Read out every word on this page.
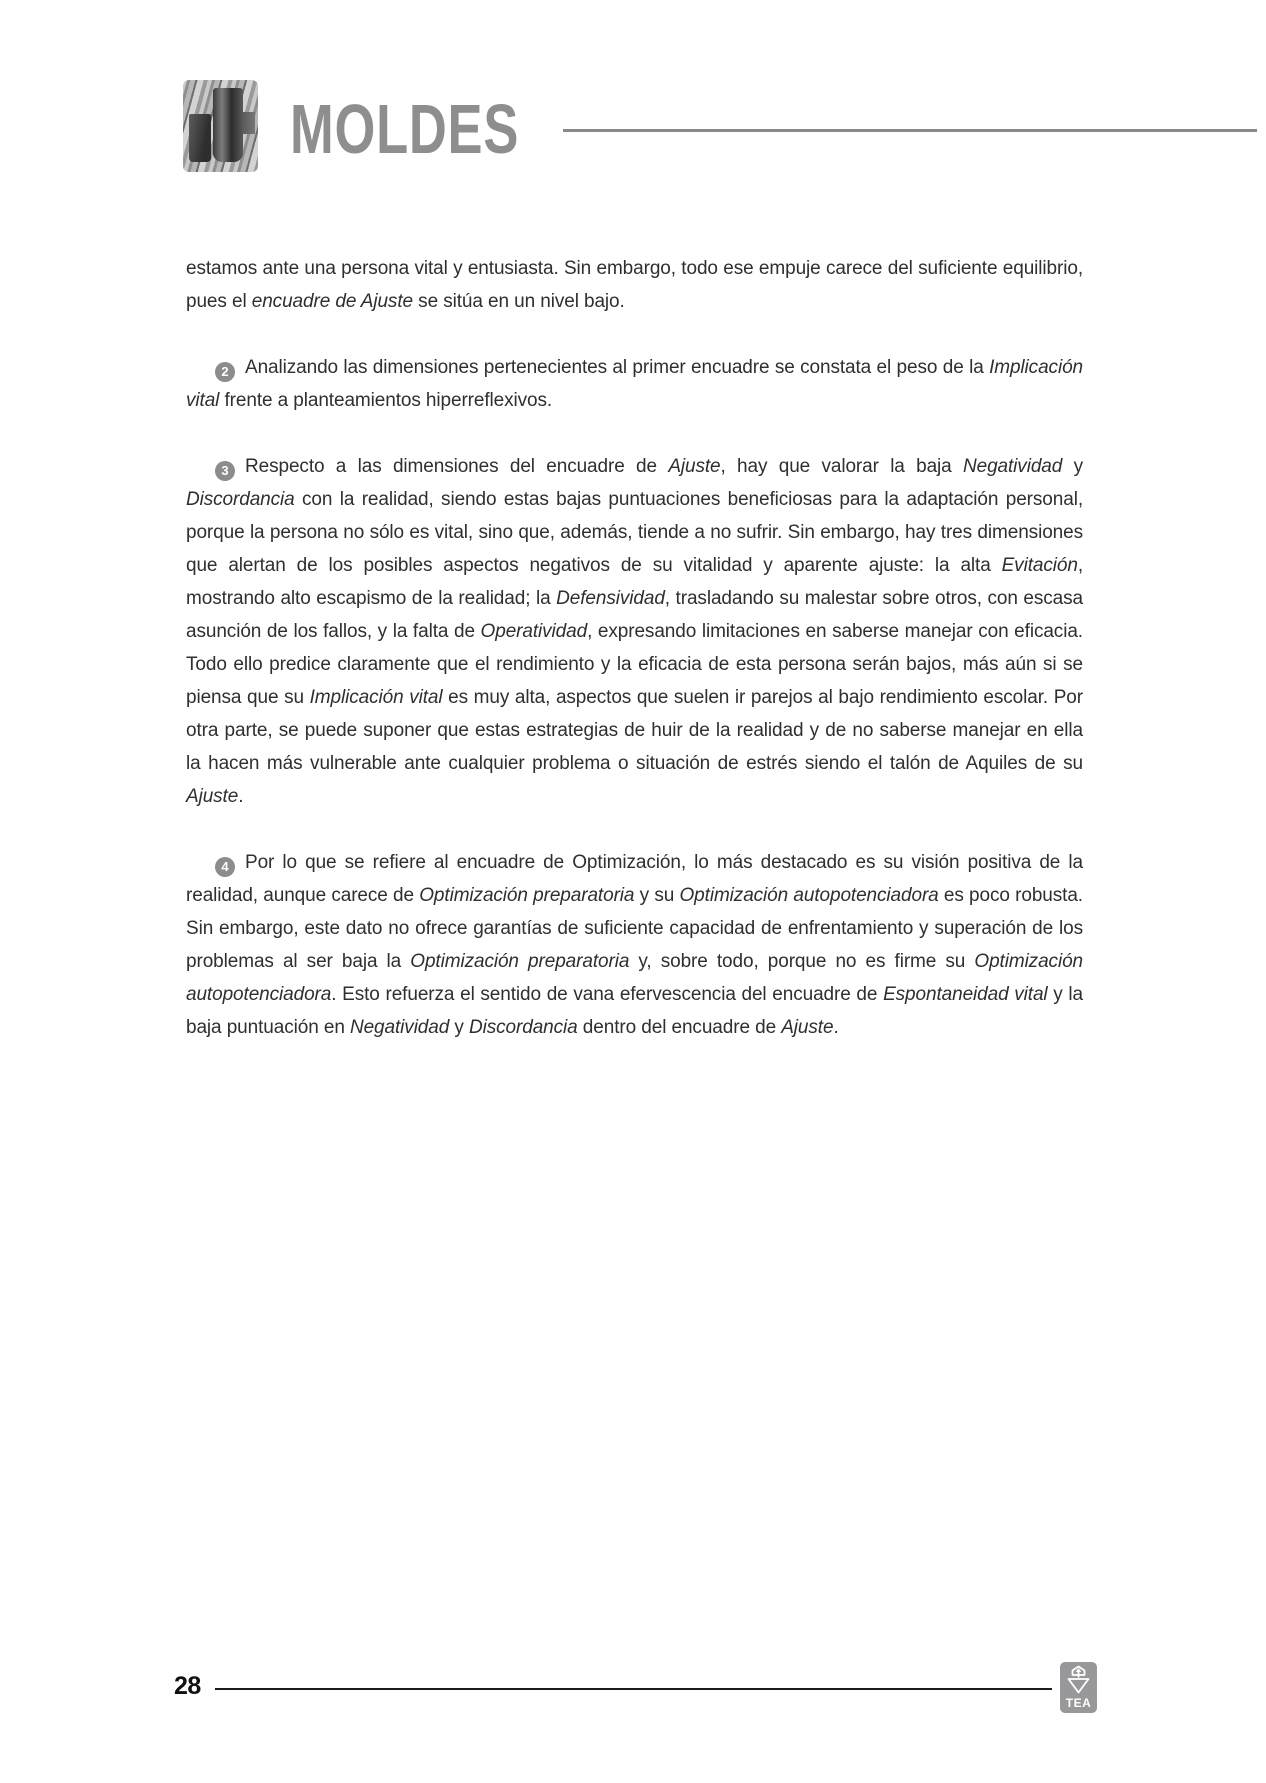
MOLDES

estamos ante una persona vital y entusiasta. Sin embargo, todo ese empuje carece del suficiente equilibrio, pues el encuadre de Ajuste se sitúa en un nivel bajo.

2 Analizando las dimensiones pertenecientes al primer encuadre se constata el peso de la Implicación vital frente a planteamientos hiperreflexivos.

3 Respecto a las dimensiones del encuadre de Ajuste, hay que valorar la baja Negatividad y Discordancia con la realidad, siendo estas bajas puntuaciones beneficiosas para la adaptación personal, porque la persona no sólo es vital, sino que, además, tiende a no sufrir. Sin embargo, hay tres dimensiones que alertan de los posibles aspectos negativos de su vitalidad y aparente ajuste: la alta Evitación, mostrando alto escapismo de la realidad; la Defensividad, trasladando su malestar sobre otros, con escasa asunción de los fallos, y la falta de Operatividad, expresando limitaciones en saberse manejar con eficacia. Todo ello predice claramente que el rendimiento y la eficacia de esta persona serán bajos, más aún si se piensa que su Implicación vital es muy alta, aspectos que suelen ir parejos al bajo rendimiento escolar. Por otra parte, se puede suponer que estas estrategias de huir de la realidad y de no saberse manejar en ella la hacen más vulnerable ante cualquier problema o situación de estrés siendo el talón de Aquiles de su Ajuste.

4 Por lo que se refiere al encuadre de Optimización, lo más destacado es su visión positiva de la realidad, aunque carece de Optimización preparatoria y su Optimización autopotenciadora es poco robusta. Sin embargo, este dato no ofrece garantías de suficiente capacidad de enfrentamiento y superación de los problemas al ser baja la Optimización preparatoria y, sobre todo, porque no es firme su Optimización autopotenciadora. Esto refuerza el sentido de vana efervescencia del encuadre de Espontaneidad vital y la baja puntuación en Negatividad y Discordancia dentro del encuadre de Ajuste.

28
TEA
